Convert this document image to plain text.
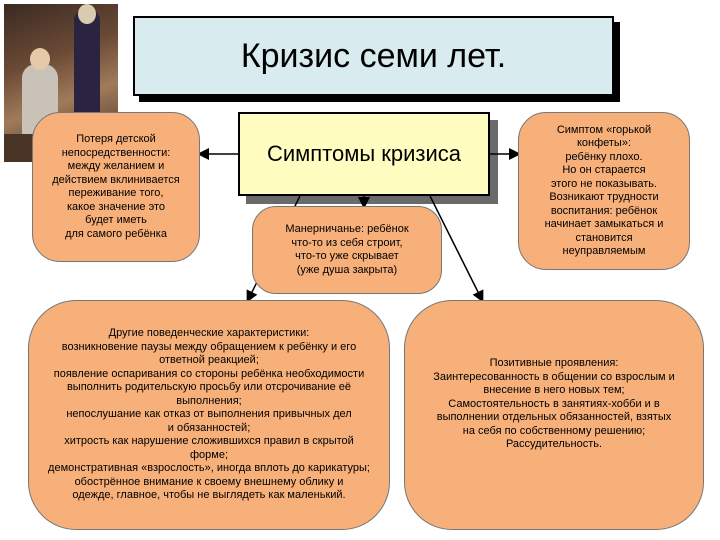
Кризис семи лет.
Симптомы кризиса
Потеря детской
непосредственности:
между желанием и
действием вклинивается
переживание того,
какое значение это
будет иметь
для самого ребёнка
Симптом «горькой
конфеты»:
ребёнку плохо.
Но он старается
этого не показывать.
Возникают трудности
воспитания: ребёнок
начинает замыкаться и
становится
неуправляемым
Манерничанье: ребёнок
что-то из себя строит,
что-то уже скрывает
(уже душа закрыта)
Другие поведенческие характеристики:
возникновение паузы между обращением к ребёнку и его
ответной реакцией;
появление оспаривания со стороны ребёнка необходимости
выполнить родительскую просьбу или отсрочивание её
выполнения;
непослушание как отказ от выполнения привычных дел
и обязанностей;
хитрость как нарушение сложившихся правил в скрытой
форме;
демонстративная «взрослость», иногда вплоть до карикатуры;
обострённое внимание к своему внешнему облику и
одежде, главное, чтобы не выглядеть как маленький.
Позитивные проявления:
Заинтересованность в общении со взрослым и
внесение в него новых тем;
Самостоятельность в занятиях-хобби и в
выполнении отдельных обязанностей, взятых
на себя по собственному решению;
Рассудительность.
